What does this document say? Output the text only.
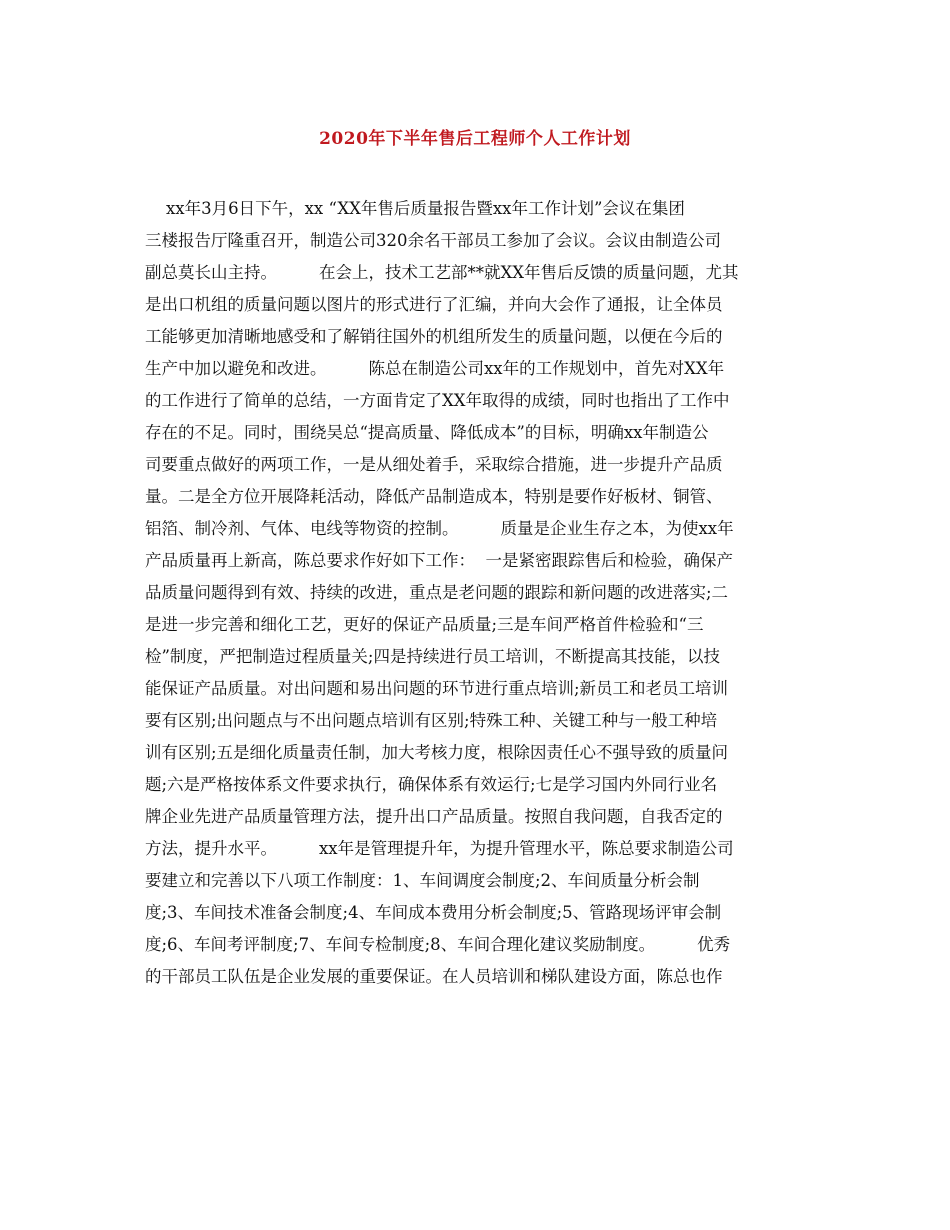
2020年下半年售后工程师个人工作计划
xx年3月6日下午，xx “XX年售后质量报告暨xx年工作计划”会议在集团
三楼报告厅隆重召开，制造公司320余名干部员工参加了会议。会议由制造公司
副总莫长山主持。        在会上，技术工艺部**就XX年售后反馈的质量问题，尤其
是出口机组的质量问题以图片的形式进行了汇编，并向大会作了通报，让全体员
工能够更加清晰地感受和了解销往国外的机组所发生的质量问题，以便在今后的
生产中加以避免和改进。        陈总在制造公司xx年的工作规划中，首先对XX年
的工作进行了简单的总结，一方面肯定了XX年取得的成绩，同时也指出了工作中
存在的不足。同时，围绕吴总“提高质量、降低成本”的目标，明确xx年制造公
司要重点做好的两项工作，一是从细处着手，采取综合措施，进一步提升产品质
量。二是全方位开展降耗活动，降低产品制造成本，特别是要作好板材、铜管、
铝箔、制冷剂、气体、电线等物资的控制。        质量是企业生存之本，为使xx年
产品质量再上新高，陈总要求作好如下工作：  一是紧密跟踪售后和检验，确保产
品质量问题得到有效、持续的改进，重点是老问题的跟踪和新问题的改进落实;二
是进一步完善和细化工艺，更好的保证产品质量;三是车间严格首件检验和“三
检”制度，严把制造过程质量关;四是持续进行员工培训，不断提高其技能，以技
能保证产品质量。对出问题和易出问题的环节进行重点培训;新员工和老员工培训
要有区别;出问题点与不出问题点培训有区别;特殊工种、关键工种与一般工种培
训有区别;五是细化质量责任制，加大考核力度，根除因责任心不强导致的质量问
题;六是严格按体系文件要求执行，确保体系有效运行;七是学习国内外同行业名
牌企业先进产品质量管理方法，提升出口产品质量。按照自我问题，自我否定的
方法，提升水平。        xx年是管理提升年，为提升管理水平，陈总要求制造公司
要建立和完善以下八项工作制度：1、车间调度会制度;2、车间质量分析会制
度;3、车间技术准备会制度;4、车间成本费用分析会制度;5、管路现场评审会制
度;6、车间考评制度;7、车间专检制度;8、车间合理化建议奖励制度。        优秀
的干部员工队伍是企业发展的重要保证。在人员培训和梯队建设方面，陈总也作
